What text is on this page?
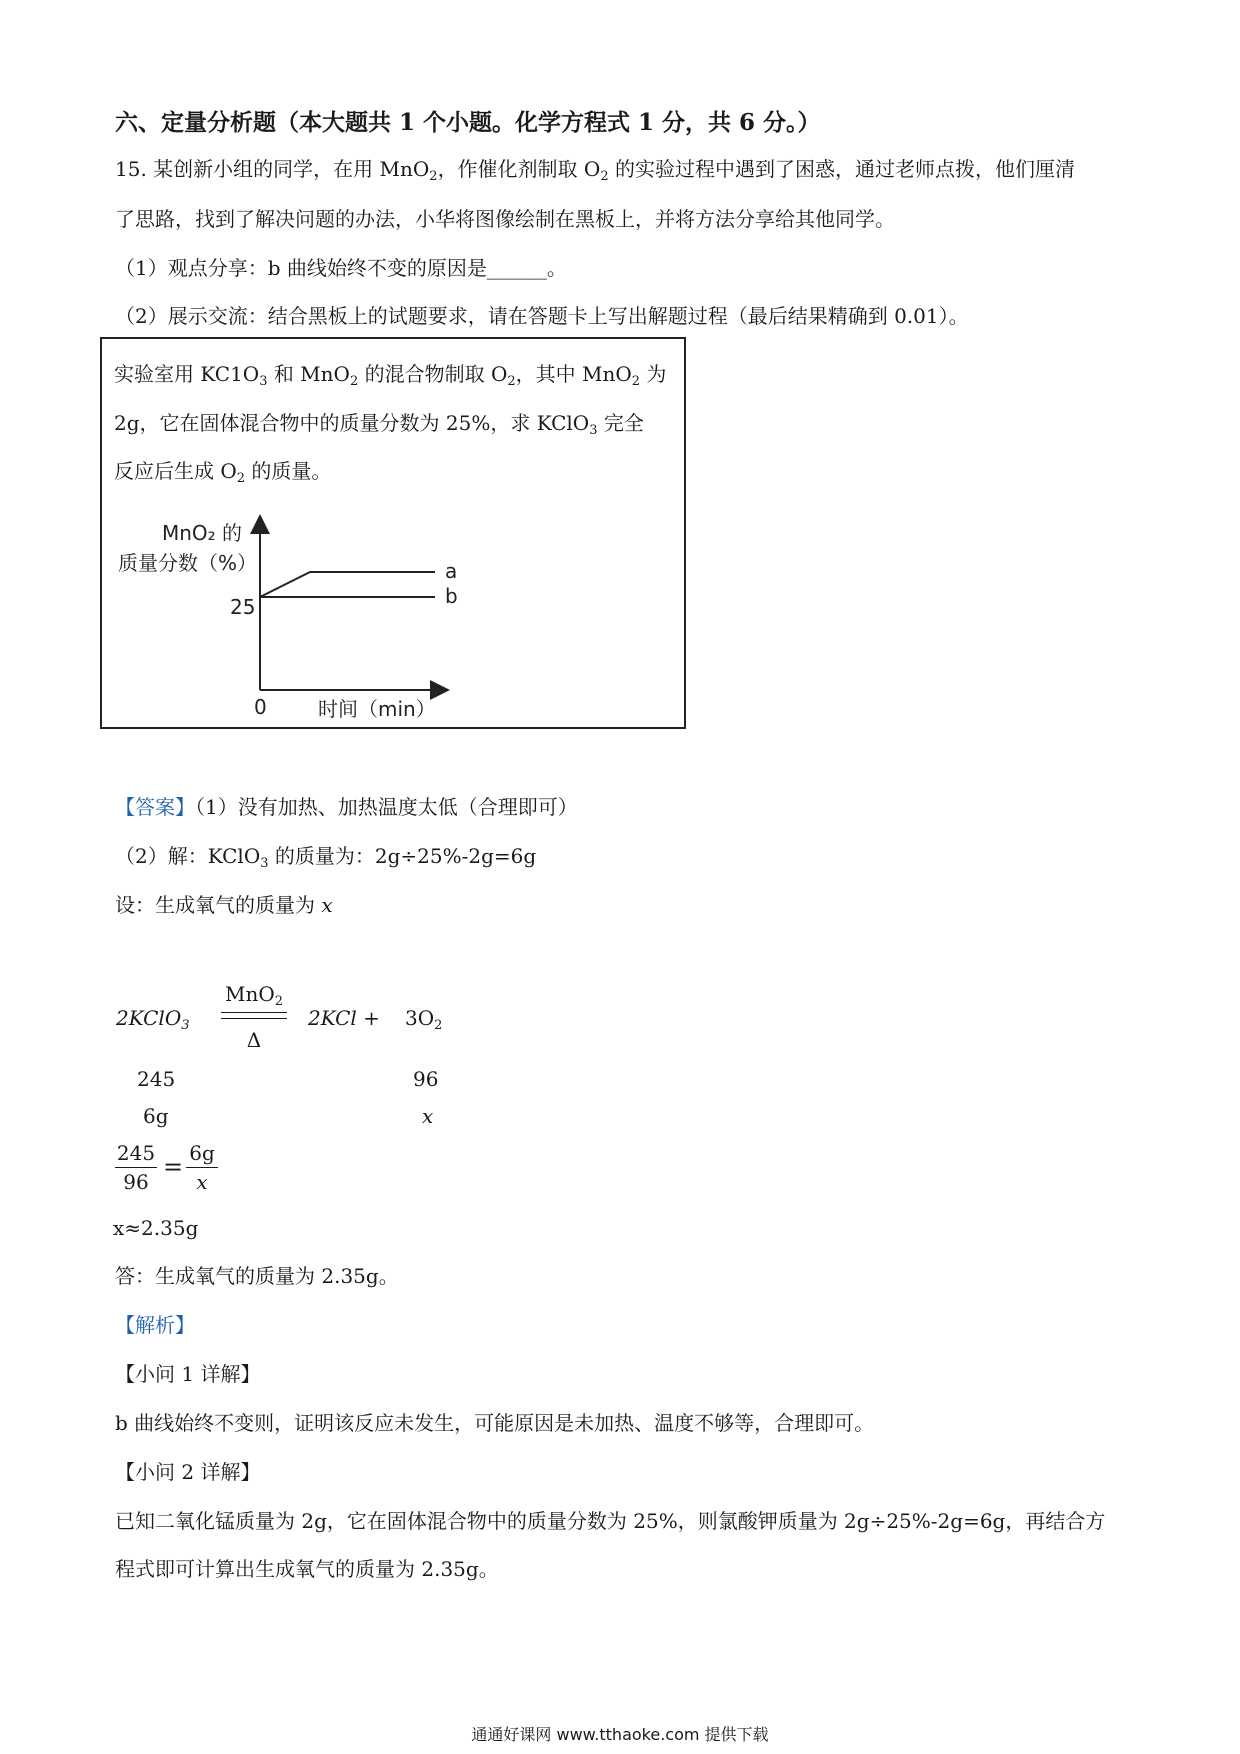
六、定量分析题（本大题共 1 个小题。化学方程式 1 分，共 6 分。）
15. 某创新小组的同学，在用 MnO$_2$，作催化剂制取 $O_2$ 的实验过程中遇到了困惑，通过老师点拨，他们厘清
了思路，找到了解决问题的办法，小华将图像绘制在黑板上，并将方法分享给其他同学。
（1）观点分享：b 曲线始终不变的原因是______。
（2）展示交流：结合黑板上的试题要求，请在答题卡上写出解题过程（最后结果精确到 0.01）。
实验室用 $KC1O_3$ 和 MnO$_2$ 的混合物制取 $O_2$，其中 MnO$_2$ 为
2g，它在固体混合物中的质量分数为 25%，求 KClO$_3$ 完全
反应后生成 $O_2$ 的质量。
MnO₂ 的
质量分数（%）
25
0	时间（min）
a
b
【答案】（1）没有加热、加热温度太低（合理即可）
（2）解：KClO$_3$ 的质量为：2g÷25%-2g=6g
设：生成氧气的质量为 x
2KClO$_3$
MnO$_2$
Δ
$2KCl + 3O_2$
245	96
6g	x
$\frac{245}{96} = \frac{6g}{x}$
x≈2.35g
答：生成氧气的质量为 2.35g。
【解析】
【小问 1 详解】
b 曲线始终不变则，证明该反应未发生，可能原因是未加热、温度不够等，合理即可。
【小问 2 详解】
已知二氧化锰质量为 2g，它在固体混合物中的质量分数为 25%，则氯酸钾质量为 2g÷25%-2g=6g，再结合方
程式即可计算出生成氧气的质量为 2.35g。
通通好课网 www.tthaoke.com 提供下载
